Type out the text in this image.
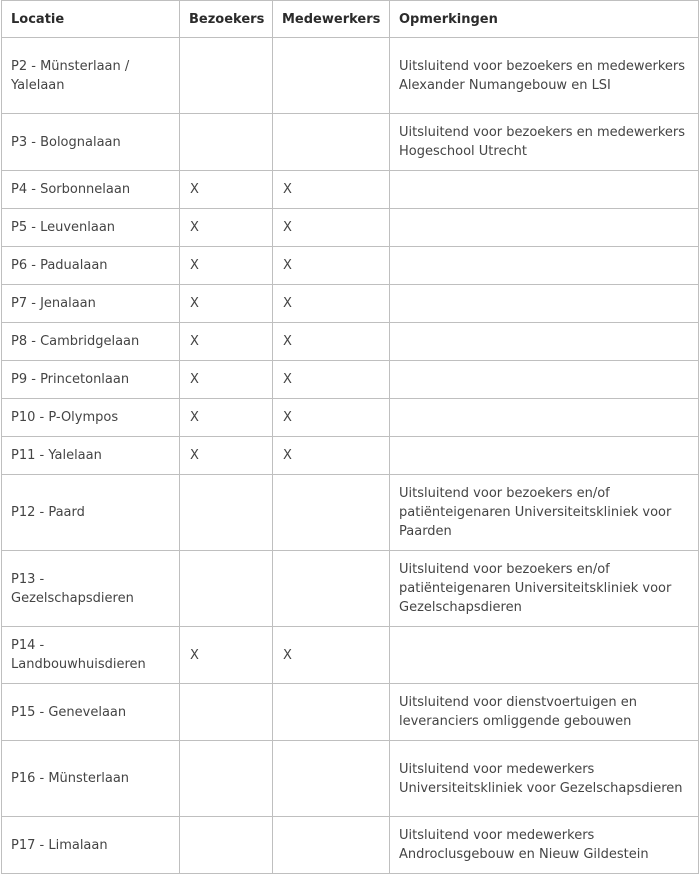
Locatie	Bezoekers	Medewerkers	Opmerkingen
P2 - Münsterlaan / Yalelaan			Uitsluitend voor bezoekers en medewerkers Alexander Numangebouw en LSI
P3 - Bolognalaan			Uitsluitend voor bezoekers en medewerkers Hogeschool Utrecht
P4 - Sorbonnelaan	X	X	
P5 - Leuvenlaan	X	X	
P6 - Padualaan	X	X	
P7 - Jenalaan	X	X	
P8 - Cambridgelaan	X	X	
P9 - Princetonlaan	X	X	
P10 - P-Olympos	X	X	
P11 - Yalelaan	X	X	
P12 - Paard			Uitsluitend voor bezoekers en/of patiënteigenaren Universiteitskliniek voor Paarden
P13 - Gezelschapsdieren			Uitsluitend voor bezoekers en/of patiënteigenaren Universiteitskliniek voor Gezelschapsdieren
P14 - Landbouwhuisdieren	X	X	
P15 - Genevelaan			Uitsluitend voor dienstvoertuigen en leveranciers omliggende gebouwen
P16 - Münsterlaan			Uitsluitend voor medewerkers Universiteitskliniek voor Gezelschapsdieren
P17 - Limalaan			Uitsluitend voor medewerkers Androclusgebouw en Nieuw Gildestein
